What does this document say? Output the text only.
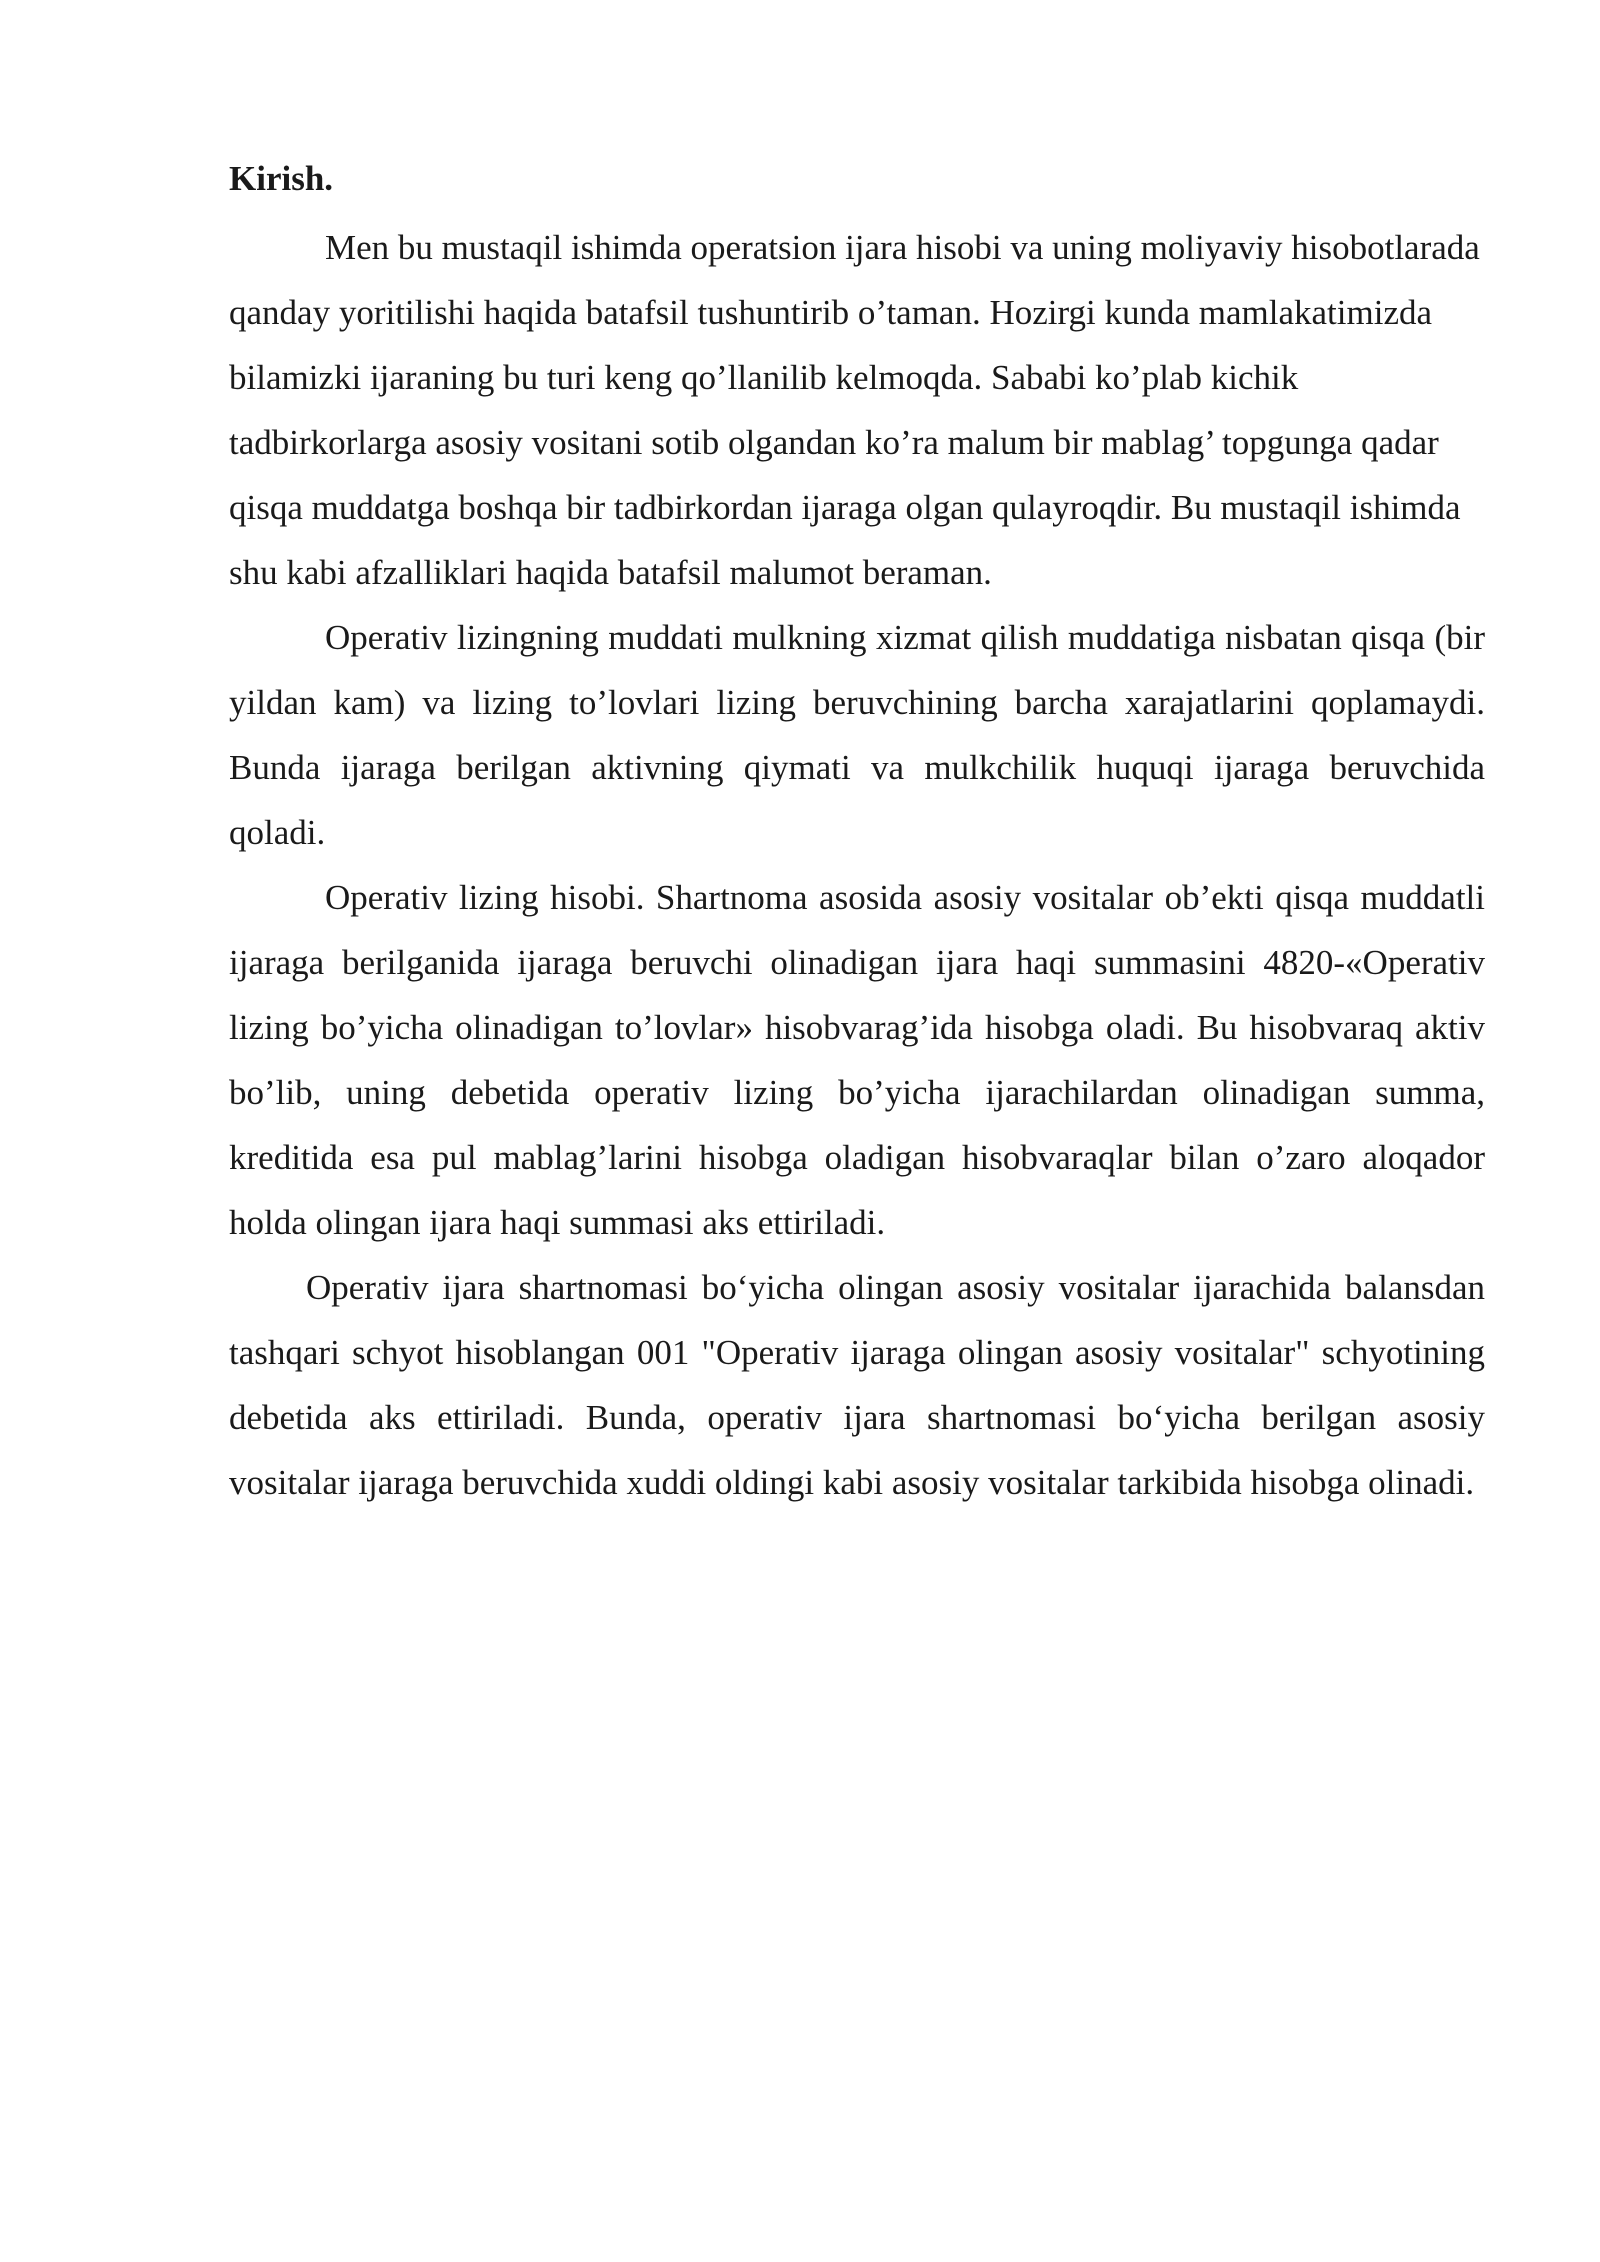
Kirish.

Men bu mustaqil ishimda operatsion ijara hisobi va uning moliyaviy hisobotlarada qanday yoritilishi haqida batafsil tushuntirib o’taman. Hozirgi kunda mamlakatimizda bilamizki ijaraning bu turi keng qo’llanilib kelmoqda. Sababi ko’plab kichik tadbirkorlarga asosiy vositani sotib olgandan ko’ra malum bir mablag’ topgunga qadar qisqa muddatga boshqa bir tadbirkordan ijaraga olgan qulayroqdir. Bu mustaqil ishimda shu kabi afzalliklari haqida batafsil malumot beraman.

Operativ lizingning muddati mulkning xizmat qilish muddatiga nisbatan qisqa (bir yildan kam) va lizing to’lovlari lizing beruvchining barcha xarajatlarini qoplamaydi. Bunda ijaraga berilgan aktivning qiymati va mulkchilik huquqi ijaraga beruvchida qoladi.

Operativ lizing hisobi. Shartnoma asosida asosiy vositalar ob’ekti qisqa muddatli ijaraga berilganida ijaraga beruvchi olinadigan ijara haqi summasini 4820-«Operativ lizing bo’yicha olinadigan to’lovlar» hisobvarag’ida hisobga oladi. Bu hisobvaraq aktiv bo’lib, uning debetida operativ lizing bo’yicha ijarachilardan olinadigan summa, kreditida esa pul mablag’larini hisobga oladigan hisobvaraqlar bilan o’zaro aloqador holda olingan ijara haqi summasi aks ettiriladi.

Operativ ijara shartnomasi bo‘yicha olingan asosiy vositalar ijarachida balansdan tashqari schyot hisoblangan 001 "Operativ ijaraga olingan asosiy vositalar" schyotining debetida aks ettiriladi. Bunda, operativ ijara shartnomasi bo‘yicha berilgan asosiy vositalar ijaraga beruvchida xuddi oldingi kabi asosiy vositalar tarkibida hisobga olinadi.
